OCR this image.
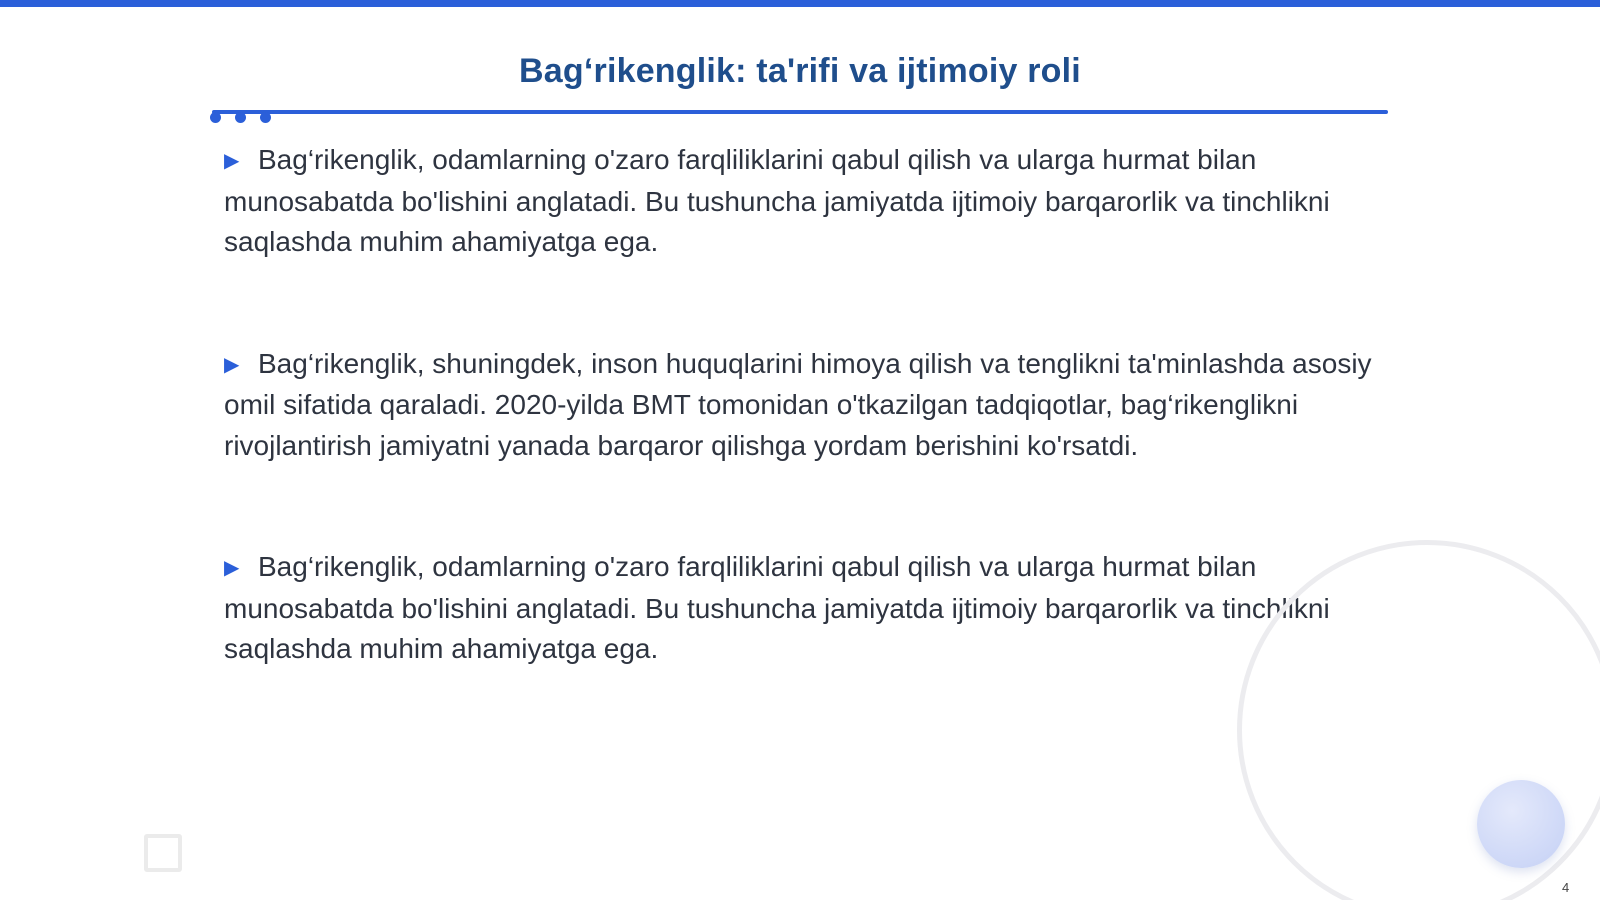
Bag‘rikenglik: ta'rifi va ijtimoiy roli

▶ Bag‘rikenglik, odamlarning o'zaro farqliliklarini qabul qilish va ularga hurmat bilan munosabatda bo'lishini anglatadi. Bu tushuncha jamiyatda ijtimoiy barqarorlik va tinchlikni saqlashda muhim ahamiyatga ega.

▶ Bag‘rikenglik, shuningdek, inson huquqlarini himoya qilish va tenglikni ta'minlashda asosiy omil sifatida qaraladi. 2020-yilda BMT tomonidan o'tkazilgan tadqiqotlar, bag‘rikenglikni rivojlantirish jamiyatni yanada barqaror qilishga yordam berishini ko'rsatdi.

▶ Bag‘rikenglik, odamlarning o'zaro farqliliklarini qabul qilish va ularga hurmat bilan munosabatda bo'lishini anglatadi. Bu tushuncha jamiyatda ijtimoiy barqarorlik va tinchlikni saqlashda muhim ahamiyatga ega.

4
